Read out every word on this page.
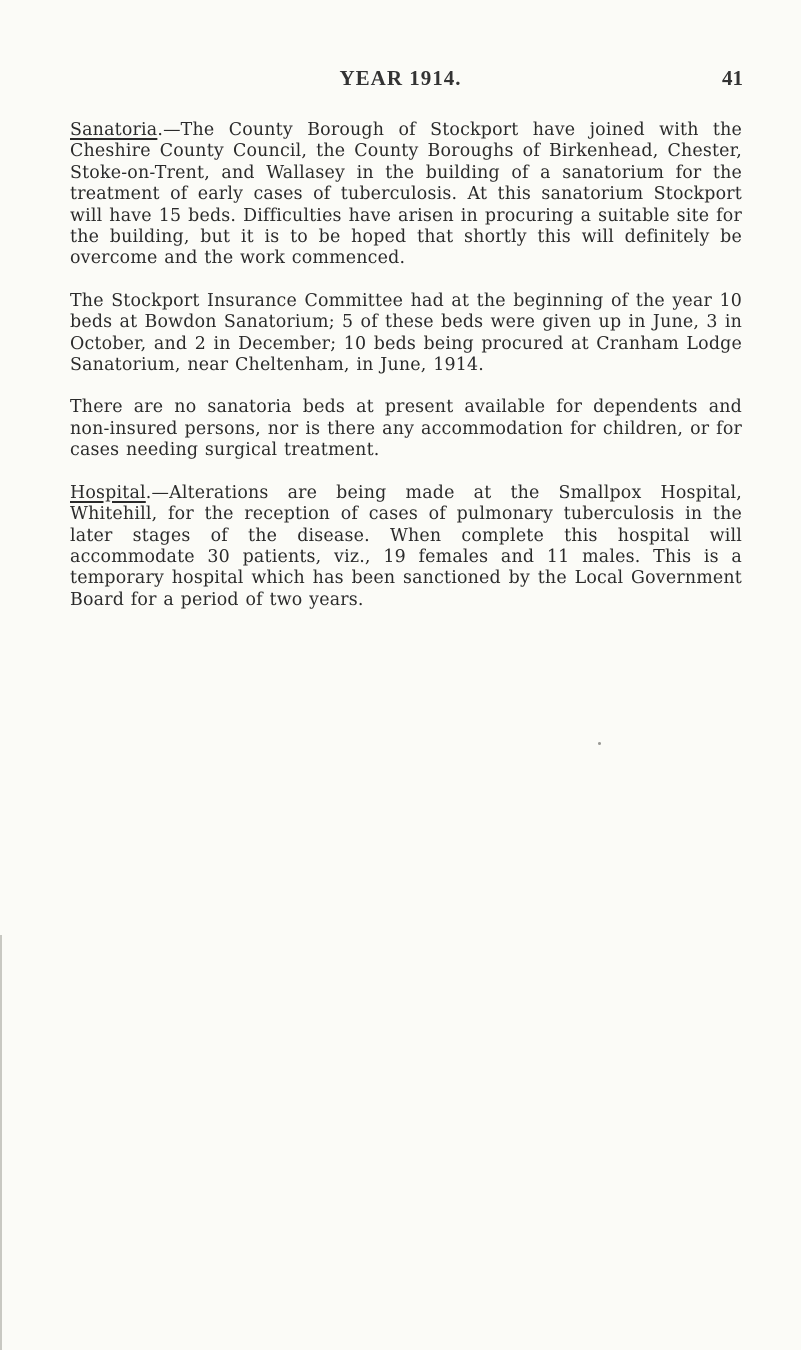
YEAR 1914.	41

Sanatoria.—The County Borough of Stockport have joined with the Cheshire County Council, the County Boroughs of Birkenhead, Chester, Stoke-on-Trent, and Wallasey in the building of a sanatorium for the treatment of early cases of tuberculosis. At this sanatorium Stockport will have 15 beds. Difficulties have arisen in procuring a suitable site for the building, but it is to be hoped that shortly this will definitely be overcome and the work commenced.

The Stockport Insurance Committee had at the beginning of the year 10 beds at Bowdon Sanatorium; 5 of these beds were given up in June, 3 in October, and 2 in December; 10 beds being procured at Cranham Lodge Sanatorium, near Cheltenham, in June, 1914.

There are no sanatoria beds at present available for dependents and non-insured persons, nor is there any accommodation for children, or for cases needing surgical treatment.

Hospital.—Alterations are being made at the Smallpox Hospital, Whitehill, for the reception of cases of pulmonary tuberculosis in the later stages of the disease. When complete this hospital will accommodate 30 patients, viz., 19 females and 11 males. This is a temporary hospital which has been sanctioned by the Local Government Board for a period of two years.
